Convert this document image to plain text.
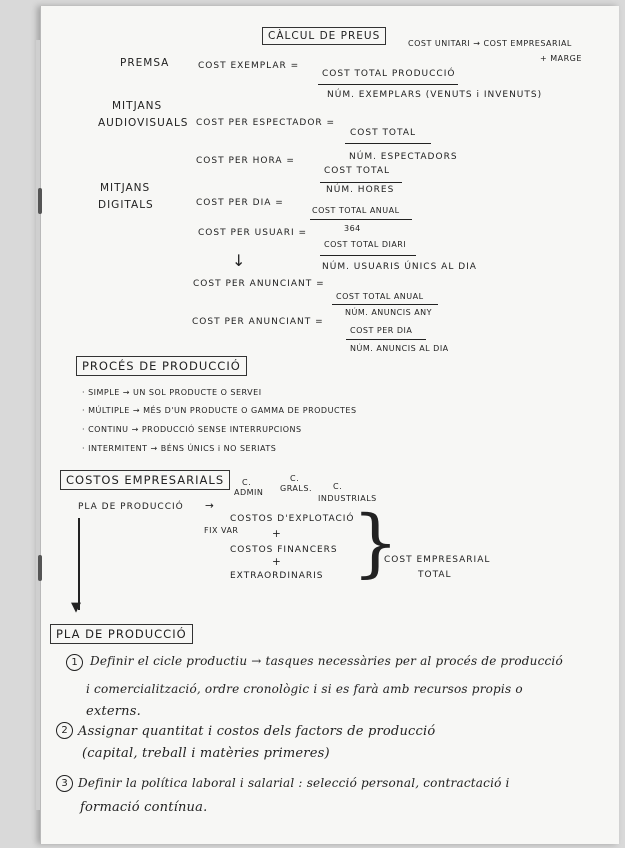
CÀLCUL DE PREUS
COST UNITARI → COST EMPRESARIAL
+ MARGE
PREMSA	COST EXEMPLAR =
COST TOTAL PRODUCCIÓ
NÚM. EXEMPLARS (VENUTS i INVENUTS)
MITJANS
AUDIOVISUALS COST PER ESPECTADOR =
COST TOTAL
NÚM. ESPECTADORS
COST PER HORA =
COST TOTAL
NÚM. HORES
MITJANS
DIGITALS	COST PER DIA =
COST TOTAL ANUAL
364
COST PER USUARI =
COST TOTAL DIARI
NÚM. USUARIS ÚNICS AL DIA
↓
COST PER ANUNCIANT =
COST TOTAL ANUAL
NÚM. ANUNCIS ANY
COST PER ANUNCIANT =
COST PER DIA
NÚM. ANUNCIS AL DIA
PROCÉS DE PRODUCCIÓ
· SIMPLE → UN SOL PRODUCTE O SERVEI
· MÚLTIPLE → MÉS D'UN PRODUCTE O GAMMA DE PRODUCTES
· CONTINU → PRODUCCIÓ SENSE INTERRUPCIONS
· INTERMITENT → BÉNS ÚNICS i NO SERIATS
COSTOS EMPRESARIALS	C.
ADMIN
C.
GRALS.	C.
INDUSTRIALS
PLA DE PRODUCCIÓ →
COSTOS D'EXPLOTACIÓ
FIX VAR	+
COSTOS FINANCERS
+
EXTRAORDINARIS }
COST EMPRESARIAL
TOTAL
▼
PLA DE PRODUCCIÓ
1	Definir el cicle productiu → tasques necessàries per al procés de producció
i comercialització, ordre cronològic i si es farà amb recursos propis o
externs.
2 Assignar quantitat i costos dels factors de producció
(capital, treball i matèries primeres)
3 Definir la política laboral i salarial : selecció personal, contractació i
formació contínua.
